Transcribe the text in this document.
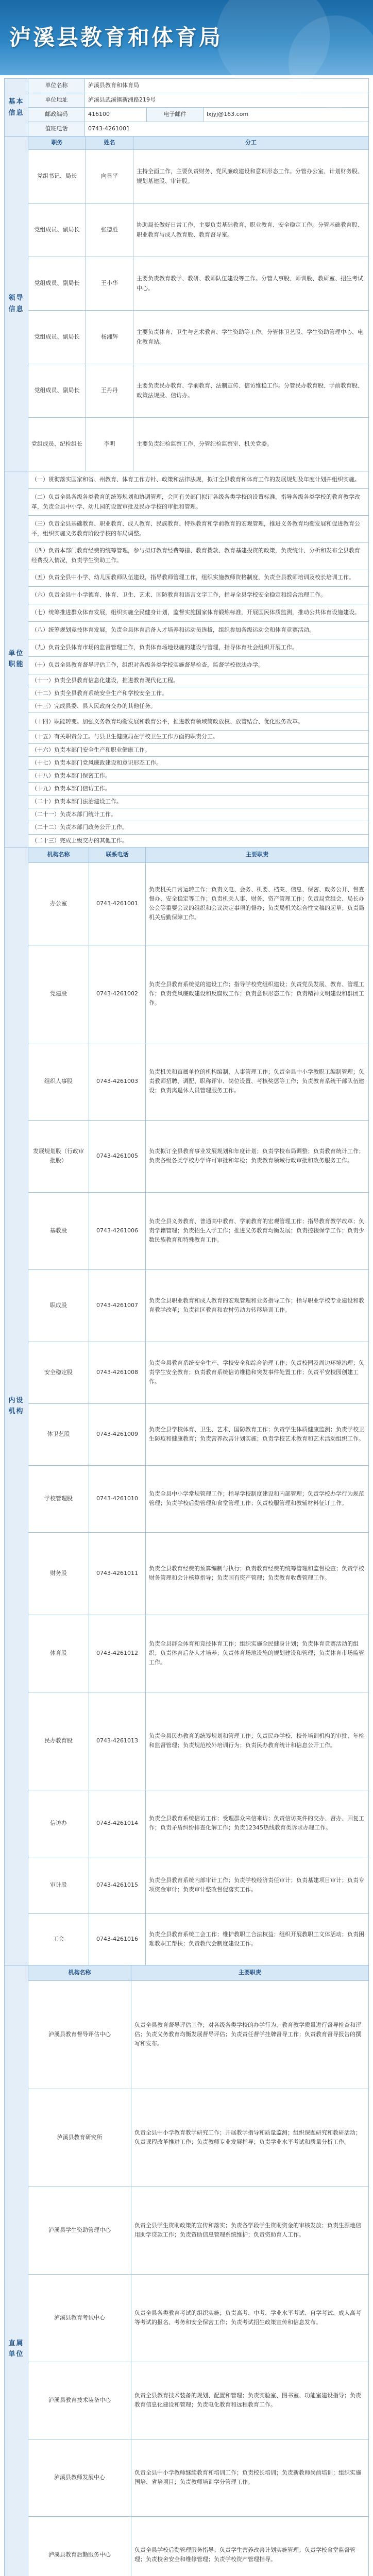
泸溪县教育和体育局
基本信息	单位名称	泸溪县教育和体育局		
	单位地址	泸溪县武溪镇新洲路219号		
	邮政编码	416100	电子邮件	lxjyj@163.com
	值班电话	0743-4261001		
领导信息	职务	姓名	分工
	党组书记、局长	向显平	主持全面工作，主要负责财务、党风廉政建设和意识形态工作。分管办公室、计划财务股、规划基建股、审计股。
	党组成员、副局长	张德胜	协助局长做好日常工作，主要负责基础教育、职业教育、安全稳定工作。分管基础教育股、职业教育与成人教育股、教育督导室。
	党组成员、副局长	王小华	主要负责教育教学、教研、教师队伍建设等工作。分管人事股、师训股、教研室、招生考试中心。
	党组成员、副局长	杨湘辉	主要负责体育、卫生与艺术教育、学生资助等工作。分管体卫艺股、学生资助管理中心、电化教育站。
	党组成员、副局长	王丹丹	主要负责民办教育、学前教育、法制宣传、信访维稳工作。分管民办教育股、学前教育股、政策法规股、信访办。
	党组成员、纪检组长	李明	主要负责纪检监察工作，分管纪检监察室、机关党委。
单位职能	（一）贯彻落实国家和省、州教育、体育工作方针、政策和法律法规，拟订全县教育和体育工作的发展规划及年度计划并组织实施。
（二）负责全县各级各类教育的统筹规划和协调管理，会同有关部门拟订各级各类学校的设置标准，指导各级各类学校的教育教学改革，负责全县中小学、幼儿园的设置审批及民办学校的审批和管理。
（三）负责全县基础教育、职业教育、成人教育、民族教育、特殊教育和学前教育的宏观管理，推进义务教育均衡发展和促进教育公平，组织实施义务教育阶段学校的布局调整。
（四）负责本部门教育经费的统筹管理，参与拟订教育经费筹措、教育拨款、教育基建投资的政策，负责统计、分析和发布全县教育经费投入情况，负责学生资助工作。
（五）负责全县中小学、幼儿园教师队伍建设，指导教师管理工作，组织实施教师资格制度，负责全县教师培训及校长培训工作。
（六）负责全县中小学德育、体育、卫生、艺术、国防教育和语言文字工作，指导全县学校安全稳定和综合治理工作。
（七）统筹推进群众体育发展，组织实施全民健身计划，监督实施国家体育锻炼标准，开展国民体质监测，推动公共体育设施建设。
（八）统筹规划竞技体育发展，负责全县体育后备人才培养和运动员选拔，组织参加各级运动会和体育竞赛活动。
（九）负责全县体育市场的监督管理工作，负责体育场地设施的建设与管理，指导体育社会组织开展工作。
（十）负责全县教育督导评估工作，组织对各级各类学校实施督导检查，监督学校依法办学。
（十一）负责全县教育信息化建设，推进教育现代化工程。
（十二）负责全县教育系统安全生产和学校安全工作。
（十三）完成县委、县人民政府交办的其他任务。
（十四）职能转变。加强义务教育均衡发展和教育公平，推进教育领域简政放权、放管结合、优化服务改革。
（十五）有关职责分工。与县卫生健康局在学校卫生工作方面的职责分工。
（十六）负责本部门安全生产和职业健康工作。
（十七）负责本部门党风廉政建设和意识形态工作。
（十八）负责本部门保密工作。
（十九）负责本部门信访工作。
（二十）负责本部门法治建设工作。
（二十一）负责本部门统计工作。
（二十二）负责本部门政务公开工作。
（二十三）完成上级交办的其他工作。
内设机构	机构名称	联系电话	主要职责
	办公室	0743-4261001	负责机关日常运转工作；负责文电、会务、机要、档案、信息、保密、政务公开、督查督办、安全稳定等工作；负责机关人事、财务、资产管理工作；负责局党组会、局长办公会等重要会议的组织和会议决定事项的督办；负责局机关综合性文稿的起草；负责局机关后勤保障工作。
	党建股	0743-4261002	负责全县教育系统党的建设工作；指导学校党组织建设；负责党员发展、教育、管理工作；负责党风廉政建设和反腐败工作；负责意识形态工作；负责精神文明建设和群团工作。
	组织人事股	0743-4261003	负责机关和直属单位的机构编制、人事管理工作；负责全县中小学教职工编制管理；负责教师招聘、调配、职称评审、岗位设置、考核奖惩等工作；负责教育系统干部队伍建设；负责离退休人员管理服务工作。
	发展规划股（行政审批股）	0743-4261005	负责拟订全县教育事业发展规划和年度计划；负责学校布局调整；负责教育统计工作；负责各级各类学校办学许可审批和年检；负责教育领域行政审批和政务服务工作。
	基教股	0743-4261006	负责全县义务教育、普通高中教育、学前教育的宏观管理工作；指导教育教学改革；负责学籍管理；负责招生入学工作；推进义务教育均衡发展；负责控辍保学工作；负责少数民族教育和特殊教育工作。
	职成股	0743-4261007	负责全县职业教育和成人教育的宏观管理和业务指导工作；指导职业学校专业建设和教育教学改革；负责社区教育和农村劳动力转移培训工作。
	安全稳定股	0743-4261008	负责全县教育系统安全生产、学校安全和综合治理工作；负责校园及周边环境治理；负责学生安全教育；负责教育系统信访维稳和突发事件处置工作；负责平安校园创建工作。
	体卫艺股	0743-4261009	负责全县学校体育、卫生、艺术、国防教育工作；负责学生体质健康监测；负责学校卫生防疫和健康教育；负责营养改善计划实施；负责学校艺术教育和艺术活动组织工作。
	学校管理股	0743-4261010	负责全县中小学常规管理工作；指导学校制度建设和内部管理；负责学校办学行为规范管理；负责学校后勤管理和食堂管理工作；负责校服管理和教辅材料征订工作。
	财务股	0743-4261011	负责全县教育经费的预算编制与执行；负责教育经费的统筹管理和监督检查；负责学校财务管理和会计核算指导；负责国有资产管理；负责教育收费管理工作。
	体育股	0743-4261012	负责全县群众体育和竞技体育工作；组织实施全民健身计划；负责体育竞赛活动的组织；负责体育后备人才培养；负责体育场地设施的规划建设和管理；负责体育市场监管工作。
	民办教育股	0743-4261013	负责全县民办教育的统筹规划和管理工作；负责民办学校、校外培训机构的审批、年检和监督管理；负责规范校外培训行为；负责民办教育统计和信息公开工作。
	信访办	0743-4261014	负责全县教育系统信访工作；受理群众来信来访；负责信访案件的交办、督办、回复工作；负责矛盾纠纷排查化解工作；负责12345热线教育类诉求办理工作。
	审计股	0743-4261015	负责全县教育系统内部审计工作；负责学校经济责任审计；负责基建项目审计；负责专项资金审计；负责审计整改督促落实工作。
	工会	0743-4261016	负责全县教育系统工会工作；维护教职工合法权益；组织开展教职工文体活动；负责困难教职工帮扶；负责教代会制度建设工作。
直属单位	机构名称	主要职责
	泸溪县教育督导评估中心	负责全县教育督导评估工作；对各级各类学校的办学行为、教育教学质量进行督导检查和评估；负责义务教育均衡发展督导评估；负责责任督学挂牌督导工作；负责教育督导报告的撰写和发布。
	泸溪县教育研究所	负责全县中小学教育教学研究工作；开展教学指导和质量监测；组织课题研究和教研活动；负责课程改革推进工作；负责教师专业发展指导；负责学业水平考试和质量分析工作。
	泸溪县学生资助管理中心	负责全县学生资助政策的宣传和落实；负责各学段学生资助资金的审核发放；负责生源地信用助学贷款工作；负责资助信息管理系统维护；负责资助育人工作。
	泸溪县教育考试中心	负责全县各类教育考试的组织实施；负责高考、中考、学业水平考试、自学考试、成人高考等考试的报名、考务和安全保密工作；负责考试招生政策宣传和信息发布。
	泸溪县教育技术装备中心	负责全县教育技术装备的规划、配置和管理；负责实验室、图书室、功能室建设指导；负责教育信息化建设和管理；负责电化教育和远程教育工作。
	泸溪县教师发展中心	负责全县中小学教师继续教育和培训工作；负责校长培训；负责新教师岗前培训；组织实施国培、省培项目；负责教师培训学分管理工作。
	泸溪县教育后勤服务中心	负责全县学校后勤管理服务指导；负责学生营养改善计划实施管理；负责学校食堂监督管理；负责校舍安全和维修管理；负责学校资产管理指导。
